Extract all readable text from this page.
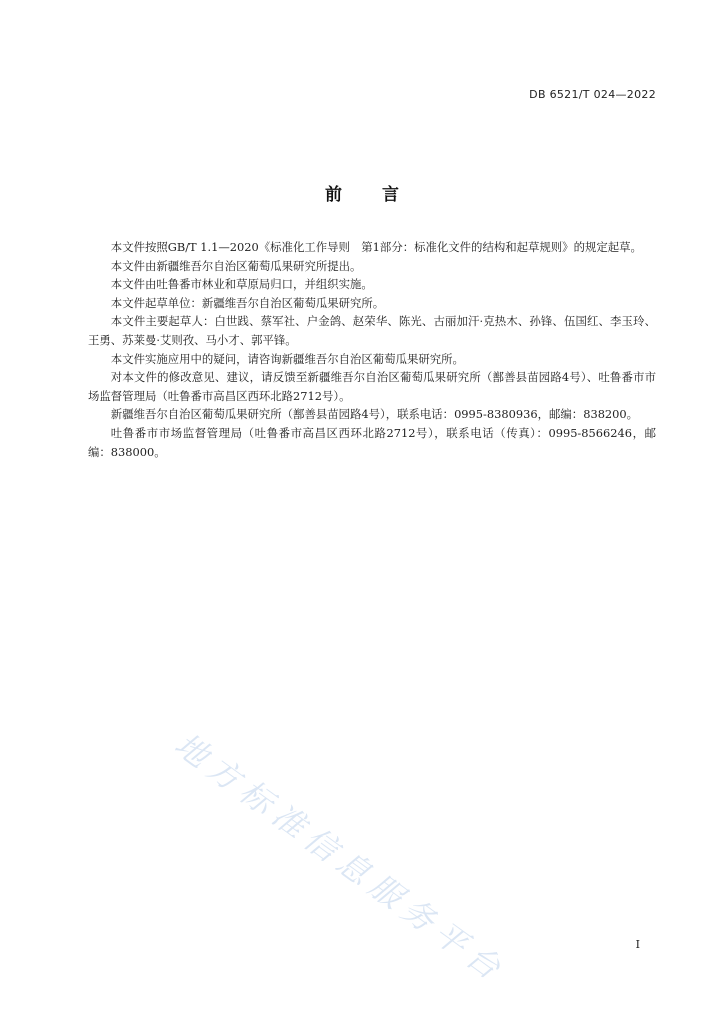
DB 6521/T 024—2022
前言

本文件按照GB/T 1.1—2020《标准化工作导则　第1部分：标准化文件的结构和起草规则》的规定起草。

本文件由新疆维吾尔自治区葡萄瓜果研究所提出。

本文件由吐鲁番市林业和草原局归口，并组织实施。

本文件起草单位：新疆维吾尔自治区葡萄瓜果研究所。

本文件主要起草人：白世践、蔡军社、户金鸽、赵荣华、陈光、古丽加汗·克热木、孙锋、伍国红、李玉玲、王勇、苏莱曼·艾则孜、马小才、郭平锋。

本文件实施应用中的疑问，请咨询新疆维吾尔自治区葡萄瓜果研究所。

对本文件的修改意见、建议，请反馈至新疆维吾尔自治区葡萄瓜果研究所（鄯善县苗园路4号）、吐鲁番市市场监督管理局（吐鲁番市高昌区西环北路2712号）。

新疆维吾尔自治区葡萄瓜果研究所（鄯善县苗园路4号），联系电话：0995-8380936，邮编：838200。

吐鲁番市市场监督管理局（吐鲁番市高昌区西环北路2712号），联系电话（传真）：0995-8566246，邮编：838000。

地方标准信息服务平台	I
